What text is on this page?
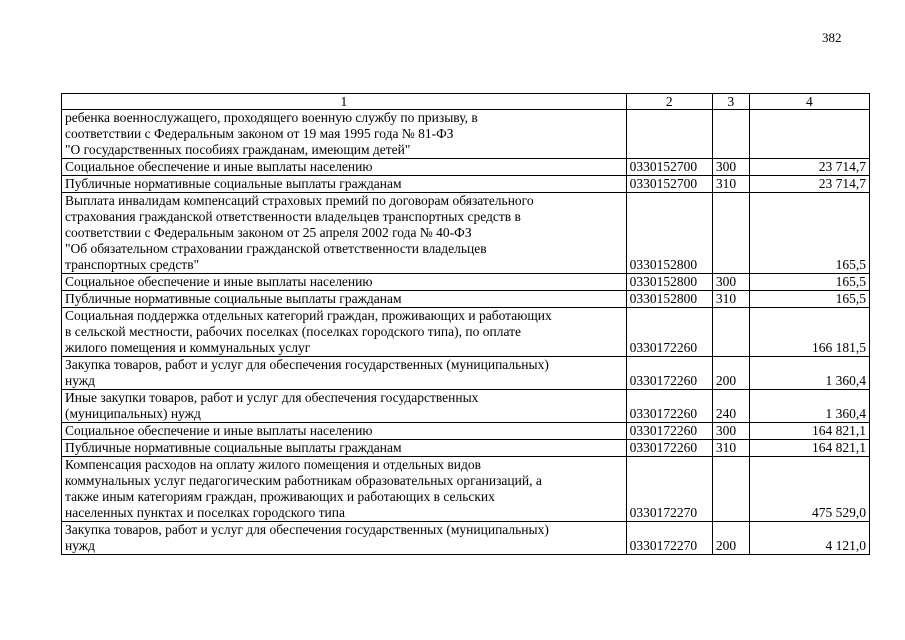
382
1	2	3	4
ребенка военнослужащего, проходящего военную службу по призыву, в
соответствии с Федеральным законом от 19 мая 1995 года № 81-ФЗ
"О государственных пособиях гражданам, имеющим детей"			
Социальное обеспечение и иные выплаты населению	0330152700	300	23 714,7
Публичные нормативные социальные выплаты гражданам	0330152700	310	23 714,7
Выплата инвалидам компенсаций страховых премий по договорам обязательного
страхования гражданской ответственности владельцев транспортных средств в
соответствии с Федеральным законом от 25 апреля 2002 года № 40-ФЗ
"Об обязательном страховании гражданской ответственности владельцев
транспортных средств"	0330152800		165,5
Социальное обеспечение и иные выплаты населению	0330152800	300	165,5
Публичные нормативные социальные выплаты гражданам	0330152800	310	165,5
Социальная поддержка отдельных категорий граждан, проживающих и работающих
в сельской местности, рабочих поселках (поселках городского типа), по оплате
жилого помещения и коммунальных услуг	0330172260		166 181,5
Закупка товаров, работ и услуг для обеспечения государственных (муниципальных)
нужд	0330172260	200	1 360,4
Иные закупки товаров, работ и услуг для обеспечения государственных
(муниципальных) нужд	0330172260	240	1 360,4
Социальное обеспечение и иные выплаты населению	0330172260	300	164 821,1
Публичные нормативные социальные выплаты гражданам	0330172260	310	164 821,1
Компенсация расходов на оплату жилого помещения и отдельных видов
коммунальных услуг педагогическим работникам образовательных организаций, а
также иным категориям граждан, проживающих и работающих в сельских
населенных пунктах и поселках городского типа	0330172270		475 529,0
Закупка товаров, работ и услуг для обеспечения государственных (муниципальных)
нужд	0330172270	200	4 121,0
